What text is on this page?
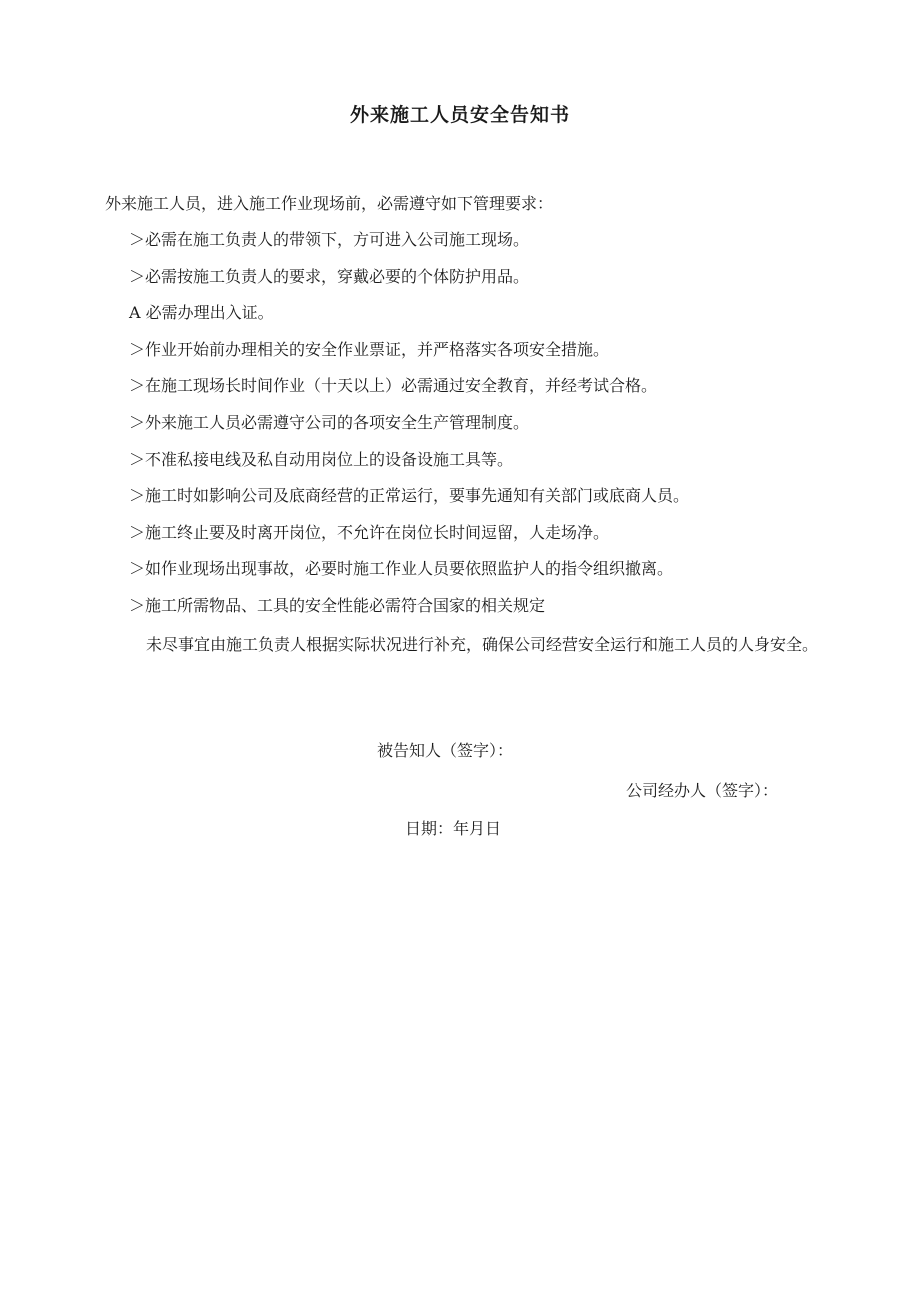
外来施工人员安全告知书
外来施工人员，进入施工作业现场前，必需遵守如下管理要求：
＞必需在施工负责人的带领下，方可进入公司施工现场。
＞必需按施工负责人的要求，穿戴必要的个体防护用品。
A 必需办理出入证。
＞作业开始前办理相关的安全作业票证，并严格落实各项安全措施。
＞在施工现场长时间作业（十天以上）必需通过安全教育，并经考试合格。
＞外来施工人员必需遵守公司的各项安全生产管理制度。
＞不准私接电线及私自动用岗位上的设备设施工具等。
＞施工时如影响公司及底商经营的正常运行，要事先通知有关部门或底商人员。
＞施工终止要及时离开岗位，不允许在岗位长时间逗留，人走场净。
＞如作业现场出现事故，必要时施工作业人员要依照监护人的指令组织撤离。
＞施工所需物品、工具的安全性能必需符合国家的相关规定

未尽事宜由施工负责人根据实际状况进行补充，确保公司经营安全运行和施工人员的人身安全。

被告知人（签字）：
公司经办人（签字）：
日期：年月日
